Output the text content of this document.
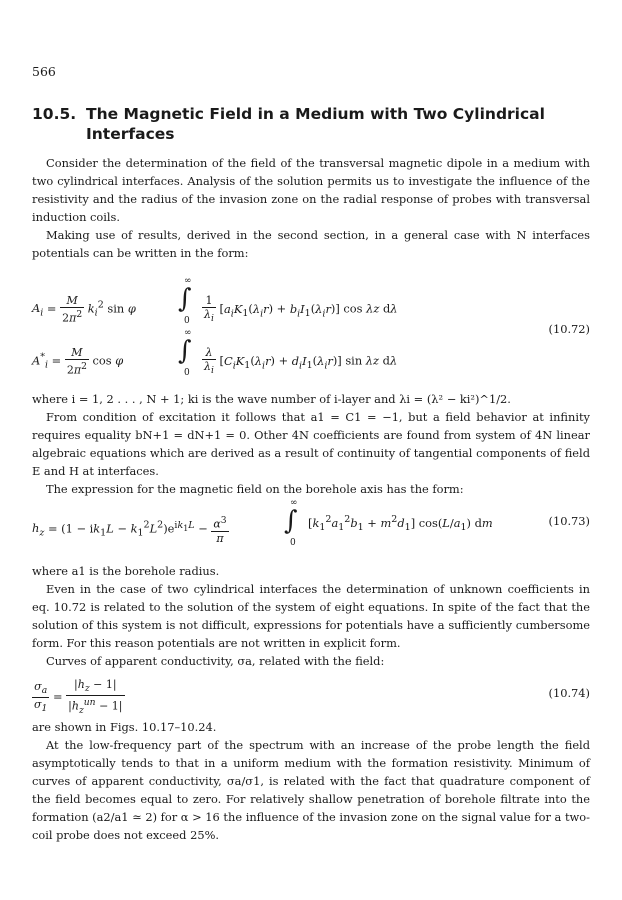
566
10.5. The Magnetic Field in a Medium with Two Cylindrical
Interfaces
Consider the determination of the field of the transversal magnetic dipole in a medium with two cylindrical interfaces. Analysis of the solution permits us to investigate the influence of the resistivity and the radius of the invasion zone on the radial response of probes with transversal induction coils.
Making use of results, derived in the second section, in a general case with N interfaces potentials can be written in the form:
$A_i = \frac{M}{2\pi^2} k_i^2$ sin φ
∞
∫
$0 \frac{1}{\lambda_i} [a_iK_1(\lambda_ir) + b_iI_1(\lambda_ir)]$ cos λz dλ
$A^*_i = \frac{M}{2\pi^2}$ cos φ
∞
∫
$0 \frac{\lambda}{\lambda_i} [C_iK_1(\lambda_ir) + d_iI_1(\lambda_ir)]$ sin λz dλ
(10.72)
where i = 1, 2 . . . , N + 1; ki is the wave number of i-layer and λi = (λ² − ki²)^1/2.
From condition of excitation it follows that a1 = C1 = −1, but a field behavior at infinity requires equality bN+1 = dN+1 = 0. Other 4N coefficients are found from system of 4N linear algebraic equations which are derived as a result of continuity of tangential components of field E and H at interfaces.
The expression for the magnetic field on the borehole axis has the form:
$h_z = (1 - ik_1L - k_1^2L^2)e^{ik_1L} - \frac{\alpha^3}{\pi}$
∞
∫
0
$[k_1^2a_1^2b_1 + m^2d_1]$ $\cos(L/a_1)$ dm	(10.73)
where a1 is the borehole radius.
Even in the case of two cylindrical interfaces the determination of unknown coefficients in eq. 10.72 is related to the solution of the system of eight equations. In spite of the fact that the solution of this system is not difficult, expressions for potentials have a sufficiently cumbersome form. For this reason potentials are not written in explicit form.
Curves of apparent conductivity, σa, related with the field:
$\frac{\sigma_a}{\sigma_1} = \frac{|h_z - 1|}{|h_z^{un} - 1|}$	(10.74)
are shown in Figs. 10.17–10.24.
At the low-frequency part of the spectrum with an increase of the probe length the field asymptotically tends to that in a uniform medium with the formation resistivity. Minimum of curves of apparent conductivity, σa/σ1, is related with the fact that quadrature component of the field becomes equal to zero. For relatively shallow penetration of borehole filtrate into the formation (a2/a1 ≃ 2) for α > 16 the influence of the invasion zone on the signal value for a two-coil probe does not exceed 25%.
